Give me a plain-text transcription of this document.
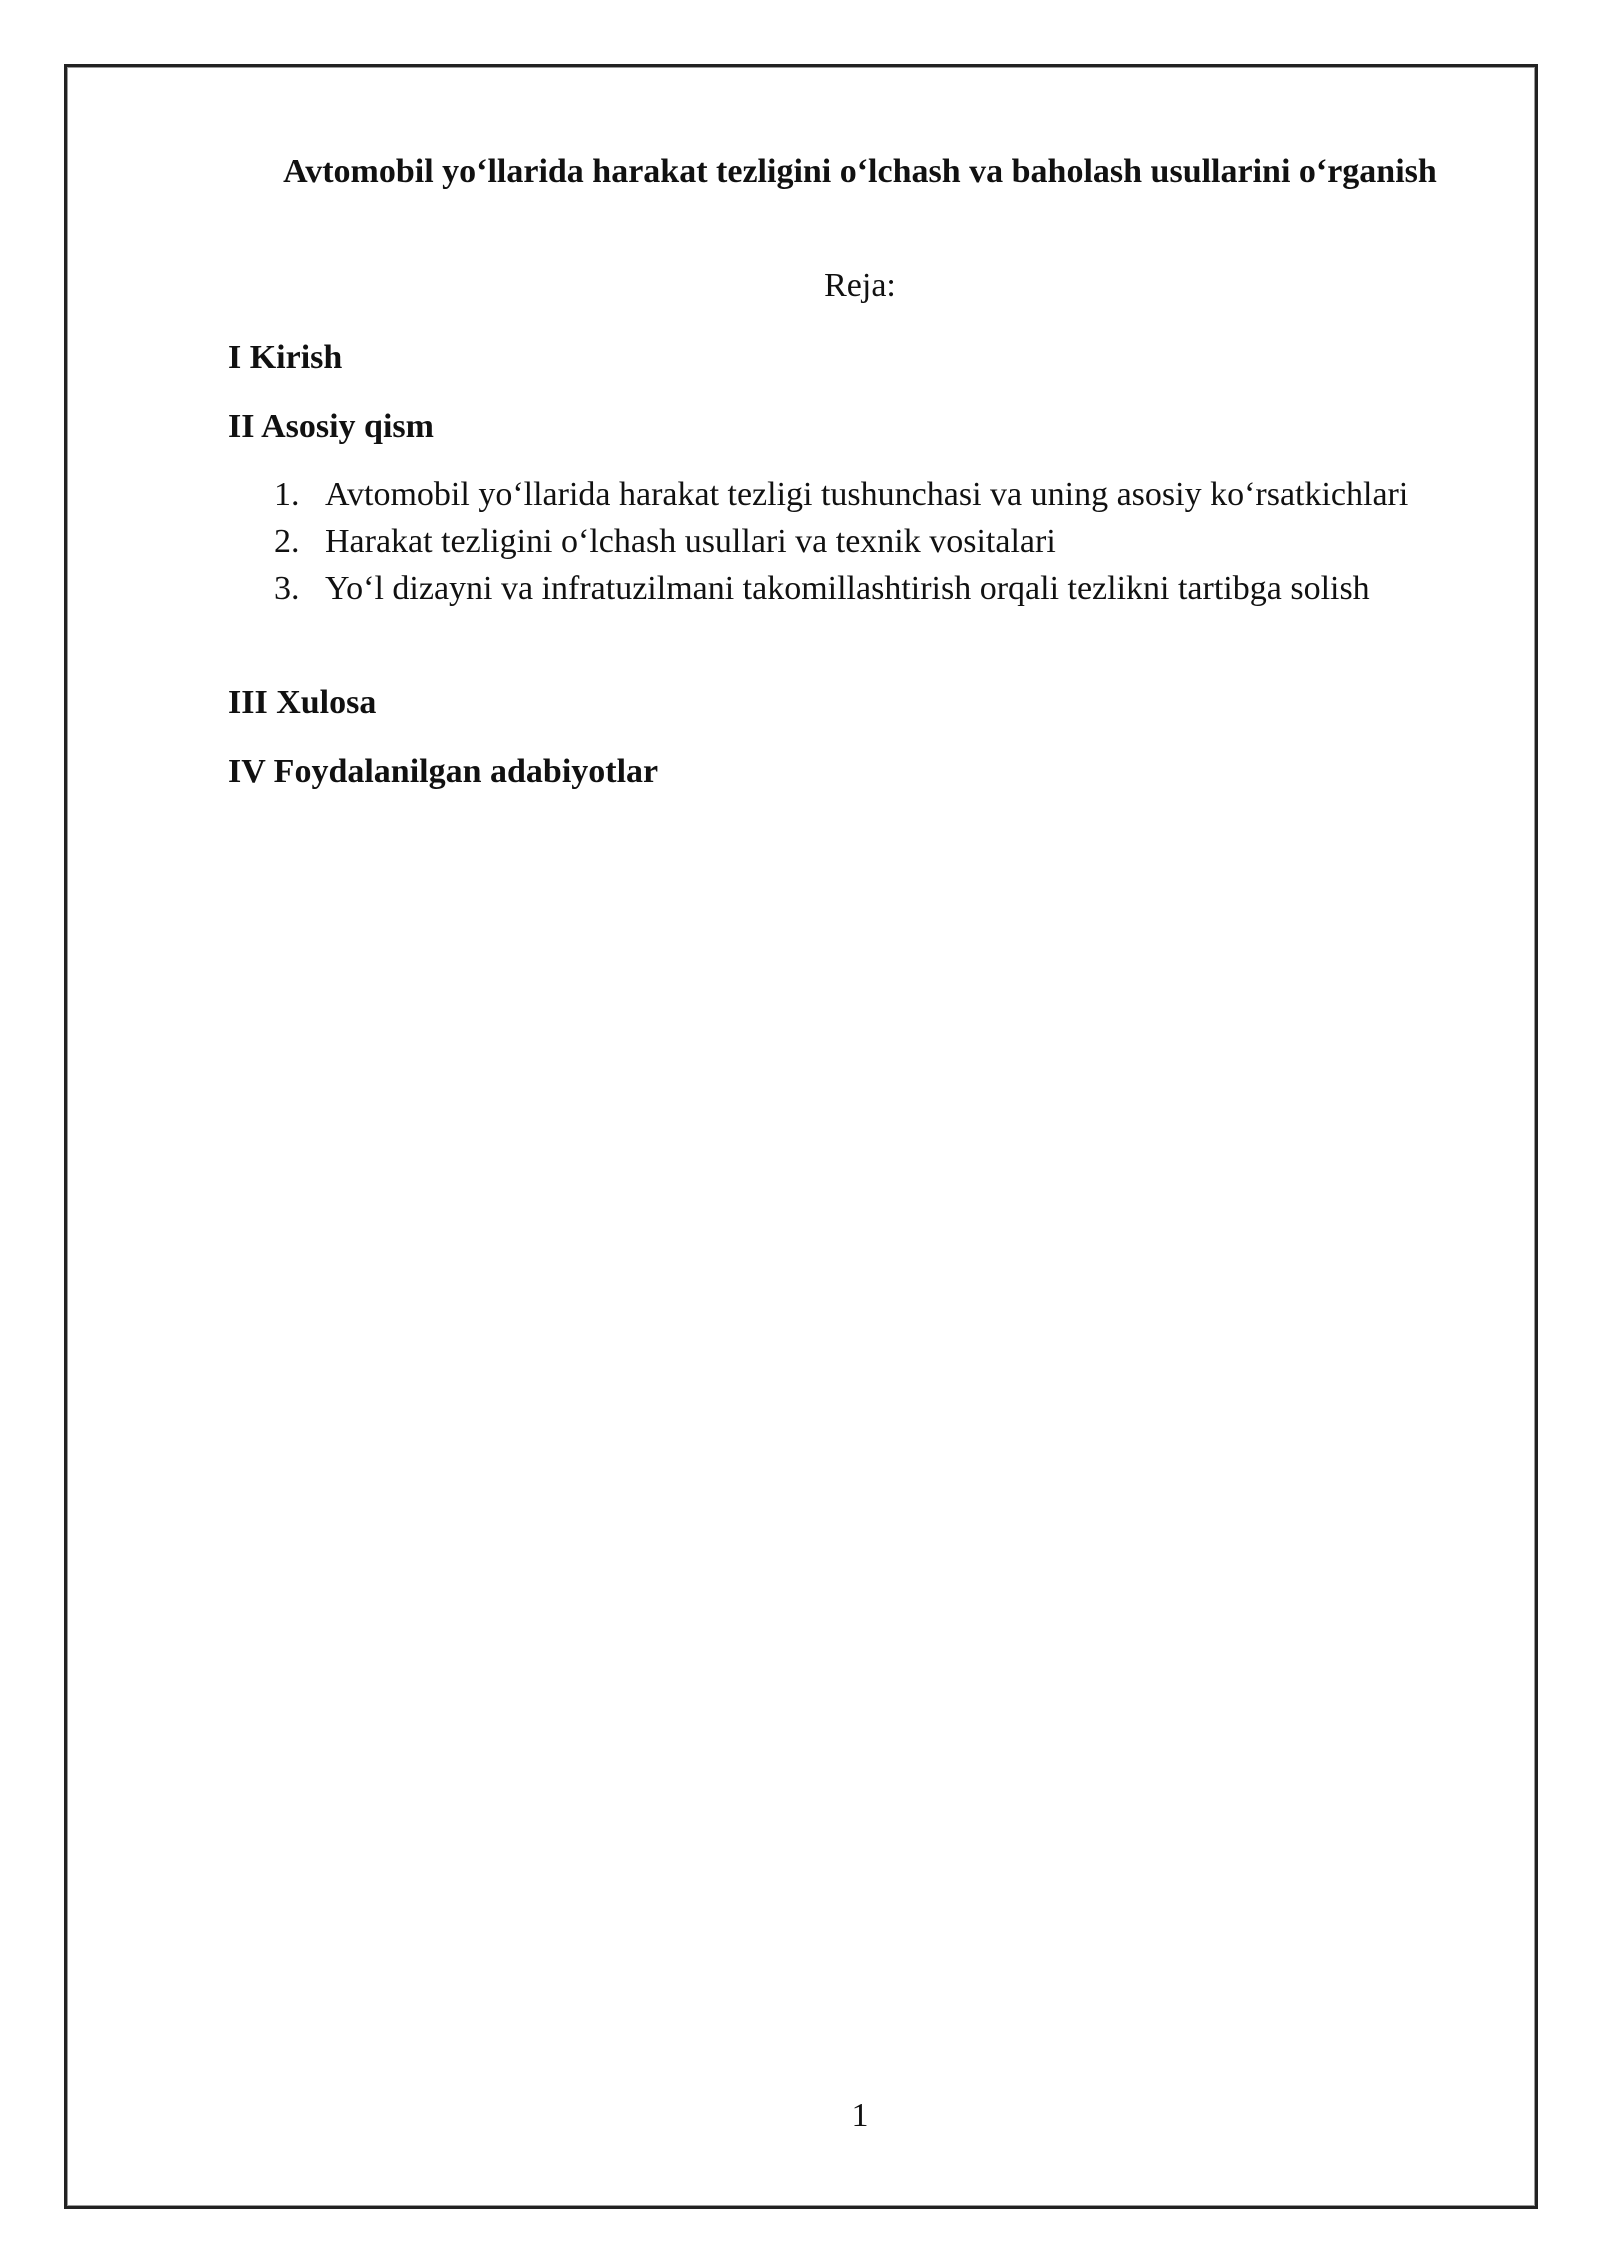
Avtomobil yo‘llarida harakat tezligini o‘lchash va baholash usullarini o‘rganish

Reja:

I Kirish
II Asosiy qism
1. Avtomobil yo‘llarida harakat tezligi tushunchasi va uning asosiy ko‘rsatkichlari
2. Harakat tezligini o‘lchash usullari va texnik vositalari
3. Yo‘l dizayni va infratuzilmani takomillashtirish orqali tezlikni tartibga solish
III Xulosa
IV Foydalanilgan adabiyotlar
1
